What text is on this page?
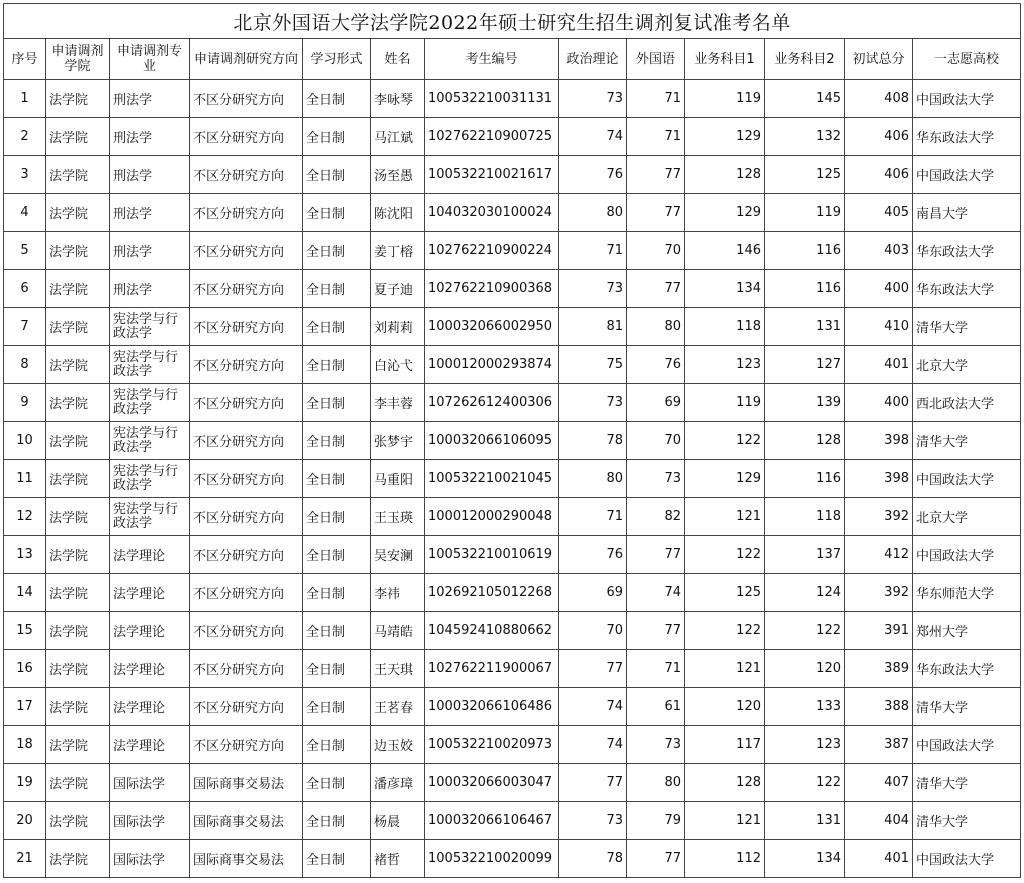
北京外国语大学法学院2022年硕士研究生招生调剂复试准考名单												
序号	申请调剂学院	申请调剂专业	申请调剂研究方向	学习形式	姓名	考生编号	政治理论	外国语	业务科目1	业务科目2	初试总分	一志愿高校
1	法学院	刑法学	不区分研究方向	全日制	李咏琴	100532210031131	73	71	119	145	408	中国政法大学
2	法学院	刑法学	不区分研究方向	全日制	马江斌	102762210900725	74	71	129	132	406	华东政法大学
3	法学院	刑法学	不区分研究方向	全日制	汤至愚	100532210021617	76	77	128	125	406	中国政法大学
4	法学院	刑法学	不区分研究方向	全日制	陈沈阳	104032030100024	80	77	129	119	405	南昌大学
5	法学院	刑法学	不区分研究方向	全日制	姜丁榕	102762210900224	71	70	146	116	403	华东政法大学
6	法学院	刑法学	不区分研究方向	全日制	夏子迪	102762210900368	73	77	134	116	400	华东政法大学
7	法学院	宪法学与行政法学	不区分研究方向	全日制	刘莉莉	100032066002950	81	80	118	131	410	清华大学
8	法学院	宪法学与行政法学	不区分研究方向	全日制	白沁弋	100012000293874	75	76	123	127	401	北京大学
9	法学院	宪法学与行政法学	不区分研究方向	全日制	李丰蓉	107262612400306	73	69	119	139	400	西北政法大学
10	法学院	宪法学与行政法学	不区分研究方向	全日制	张梦宇	100032066106095	78	70	122	128	398	清华大学
11	法学院	宪法学与行政法学	不区分研究方向	全日制	马重阳	100532210021045	80	73	129	116	398	中国政法大学
12	法学院	宪法学与行政法学	不区分研究方向	全日制	王玉瑛	100012000290048	71	82	121	118	392	北京大学
13	法学院	法学理论	不区分研究方向	全日制	吴安澜	100532210010619	76	77	122	137	412	中国政法大学
14	法学院	法学理论	不区分研究方向	全日制	李祎	102692105012268	69	74	125	124	392	华东师范大学
15	法学院	法学理论	不区分研究方向	全日制	马靖皓	104592410880662	70	77	122	122	391	郑州大学
16	法学院	法学理论	不区分研究方向	全日制	王天琪	102762211900067	77	71	121	120	389	华东政法大学
17	法学院	法学理论	不区分研究方向	全日制	王茗春	100032066106486	74	61	120	133	388	清华大学
18	法学院	法学理论	不区分研究方向	全日制	边玉姣	100532210020973	74	73	117	123	387	中国政法大学
19	法学院	国际法学	国际商事交易法	全日制	潘彦璋	100032066003047	77	80	128	122	407	清华大学
20	法学院	国际法学	国际商事交易法	全日制	杨晨	100032066106467	73	79	121	131	404	清华大学
21	法学院	国际法学	国际商事交易法	全日制	褚哲	100532210020099	78	77	112	134	401	中国政法大学
